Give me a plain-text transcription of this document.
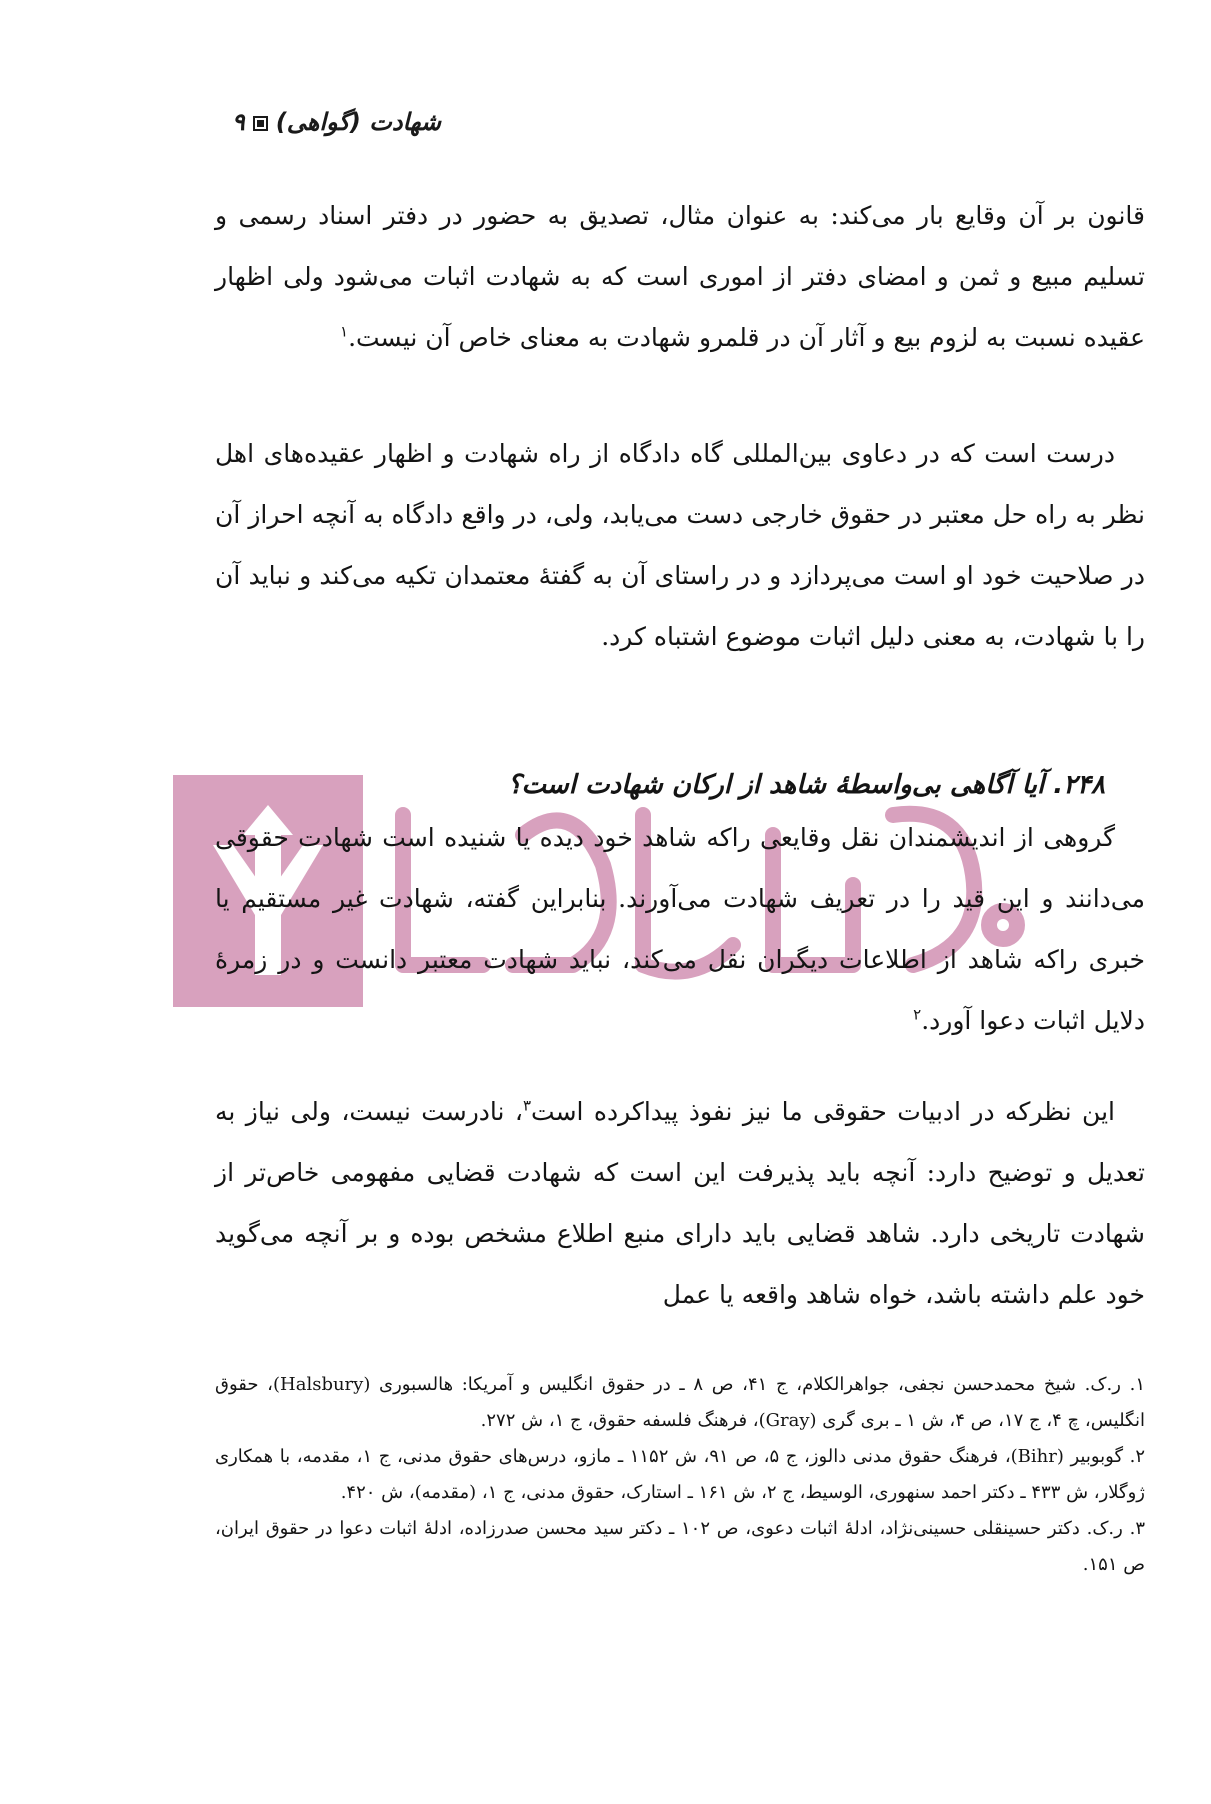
شهادت (گواهی)۹

قانون بر آن وقایع بار می‌کند: به عنوان مثال، تصدیق به حضور در دفتر اسناد رسمی و تسلیم مبیع و ثمن و امضای دفتر از اموری است که به شهادت اثبات می‌شود ولی اظهار عقیده نسبت به لزوم بیع و آثار آن در قلمرو شهادت به معنای خاص آن نیست.$^۱$

درست است که در دعاوی بین‌المللی گاه دادگاه از راه شهادت و اظهار عقیده‌های اهل نظر به راه حل معتبر در حقوق خارجی دست می‌یابد، ولی، در واقع دادگاه به آنچه احراز آن در صلاحیت خود او است می‌پردازد و در راستای آن به گفتهٔ معتمدان تکیه می‌کند و نباید آن را با شهادت، به معنی دلیل اثبات موضوع اشتباه کرد.

۲۴۸. آیا آگاهی بی‌واسطهٔ شاهد از ارکان شهادت است؟

گروهی از اندیشمندان نقل وقایعی راکه شاهد خود دیده یا شنیده است شهادت حقوقی می‌دانند و این قید را در تعریف شهادت می‌آورند. بنابراین گفته، شهادت غیر مستقیم یا خبری راکه شاهد از اطلاعات دیگران نقل می‌کند، نباید شهادت معتبر دانست و در زمرهٔ دلایل اثبات دعوا آورد.$^۲$

این نظرکه در ادبیات حقوقی ما نیز نفوذ پیداکرده است$^۳$، نادرست نیست، ولی نیاز به تعدیل و توضیح دارد: آنچه باید پذیرفت این است که شهادت قضایی مفهومی خاص‌تر از شهادت تاریخی دارد. شاهد قضایی باید دارای منبع اطلاع مشخص بوده و بر آنچه می‌گوید خود علم داشته باشد، خواه شاهد واقعه یا عمل

۱. ر.ک. شیخ محمدحسن نجفی، جواهرالکلام، ج ۴۱، ص ۸ ـ در حقوق انگلیس و آمریکا: هالسبوری (Halsbury)، حقوق انگلیس، چ ۴، ج ۱۷، ص ۴، ش ۱ ـ بری گری (Gray)، فرهنگ فلسفه حقوق، ج ۱، ش ۲۷۲.

۲. گوبوبیر (Bihr)، فرهنگ حقوق مدنی دالوز، ج ۵، ص ۹۱، ش ۱۱۵۲ ـ مازو، درس‌های حقوق مدنی، ج ۱، مقدمه، با همکاری ژوگلار، ش ۴۳۳ ـ دکتر احمد سنهوری، الوسیط، ج ۲، ش ۱۶۱ ـ استارک، حقوق مدنی، ج ۱، (مقدمه)، ش ۴۲۰.

۳. ر.ک. دکتر حسینقلی حسینی‌نژاد، ادلهٔ اثبات دعوی، ص ۱۰۲ ـ دکتر سید محسن صدرزاده، ادلهٔ اثبات دعوا در حقوق ایران، ص ۱۵۱.
